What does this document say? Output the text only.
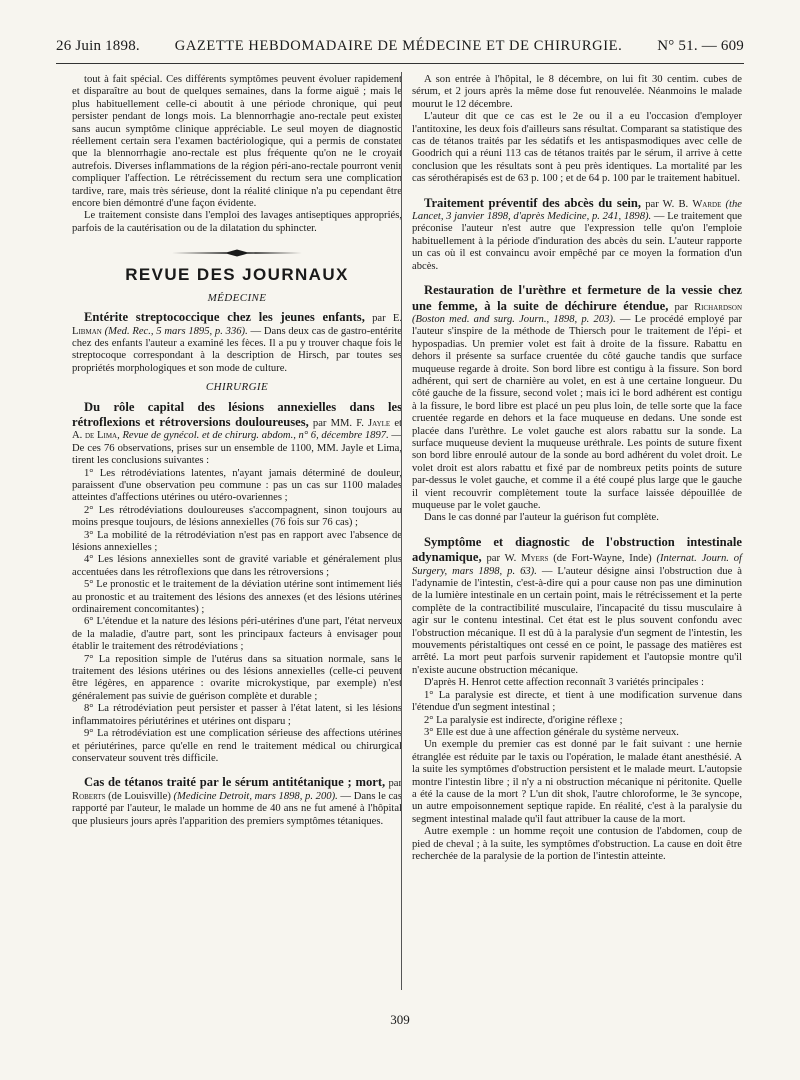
26 Juin 1898. GAZETTE HEBDOMADAIRE DE MÉDECINE ET DE CHIRURGIE. N° 51. — 609

tout à fait spécial. Ces différents symptômes peuvent évoluer rapidement et disparaître au bout de quelques semaines, dans la forme aiguë ; mais le plus habituellement celle-ci aboutit à une période chronique, qui peut persister pendant de longs mois. La blennorrhagie ano-rectale peut exister sans aucun symptôme clinique appréciable. Le seul moyen de diagnostic réellement certain sera l'examen bactériologique, qui a permis de constater que la blennorrhagie ano-rectale est plus fréquente qu'on ne le croyait autrefois. Diverses inflammations de la région péri-ano-rectale pourront venir compliquer l'affection. Le rétrécissement du rectum sera une complication tardive, rare, mais très sérieuse, dont la réalité clinique n'a pu cependant être encore bien démontré d'une façon évidente.

Le traitement consiste dans l'emploi des lavages antiseptiques appropriés, parfois de la cautérisation ou de la dilatation du sphincter.

REVUE DES JOURNAUX
MÉDECINE

Entérite streptococcique chez les jeunes enfants, par E. Libman (Med. Rec., 5 mars 1895, p. 336). — Dans deux cas de gastro-entérite chez des enfants l'auteur a examiné les fèces. Il a pu y trouver chaque fois le streptocoque correspondant à la description de Hirsch, par toutes ses propriétés morphologiques et son mode de culture.

CHIRURGIE

Du rôle capital des lésions annexielles dans les rétroflexions et rétroversions douloureuses, par MM. F. Jayle et A. de Lima, Revue de gynécol. et de chirurg. abdom., n° 6, décembre 1897. — De ces 76 observations, prises sur un ensemble de 1100, MM. Jayle et Lima, tirent les conclusions suivantes :

1° Les rétrodéviations latentes, n'ayant jamais déterminé de douleur, paraissent d'une observation peu commune : pas un cas sur 1100 malades atteintes d'affections utérines ou utéro-ovariennes ;

2° Les rétrodéviations douloureuses s'accompagnent, sinon toujours au moins presque toujours, de lésions annexielles (76 fois sur 76 cas) ;

3° La mobilité de la rétrodéviation n'est pas en rapport avec l'absence de lésions annexielles ;

4° Les lésions annexielles sont de gravité variable et généralement plus accentuées dans les rétroflexions que dans les rétroversions ;

5° Le pronostic et le traitement de la déviation utérine sont intimement liés au pronostic et au traitement des lésions des annexes (et des lésions utérines ordinairement concomitantes) ;

6° L'étendue et la nature des lésions péri-utérines d'une part, l'état nerveux de la maladie, d'autre part, sont les principaux facteurs à envisager pour établir le traitement des rétrodéviations ;

7° La reposition simple de l'utérus dans sa situation normale, sans le traitement des lésions utérines ou des lésions annexielles (celle-ci peuvent être légères, en apparence : ovarite microkystique, par exemple) n'est généralement pas suivie de guérison complète et durable ;

8° La rétrodéviation peut persister et passer à l'état latent, si les lésions inflammatoires périutérines et utérines ont disparu ;

9° La rétrodéviation est une complication sérieuse des affections utérines et périutérines, parce qu'elle en rend le traitement médical ou chirurgical conservateur souvent très difficile.

Cas de tétanos traité par le sérum antitétanique ; mort, par Roberts (de Louisville) (Medicine Detroit, mars 1898, p. 200). — Dans le cas rapporté par l'auteur, le malade un homme de 40 ans ne fut amené à l'hôpital que plusieurs jours après l'apparition des premiers symptômes tétaniques.

A son entrée à l'hôpital, le 8 décembre, on lui fit 30 centim. cubes de sérum, et 2 jours après la même dose fut renouvelée. Néanmoins le malade mourut le 12 décembre.

L'auteur dit que ce cas est le 2e ou il a eu l'occasion d'employer l'antitoxine, les deux fois d'ailleurs sans résultat. Comparant sa statistique des cas de tétanos traités par les sédatifs et les antispasmodiques avec celle de Goodrich qui a réuni 113 cas de tétanos traités par le sérum, il arrive à cette conclusion que les résultats sont à peu près identiques. La mortalité par les cas sérothérapisés est de 63 p. 100 ; et de 64 p. 100 par le traitement habituel.

Traitement préventif des abcès du sein, par W. B. Warde (the Lancet, 3 janvier 1898, d'après Medicine, p. 241, 1898). — Le traitement que préconise l'auteur n'est autre que l'expression telle qu'on l'emploie habituellement à la période d'induration des abcès du sein. L'auteur rapporte un cas où il est convaincu avoir empêché par ce moyen la formation d'un abcès.

Restauration de l'urèthre et fermeture de la vessie chez une femme, à la suite de déchirure étendue, par Richardson (Boston med. and surg. Journ., 1898, p. 203). — Le procédé employé par l'auteur s'inspire de la méthode de Thiersch pour le traitement de l'épi- et hypospadias. Un premier volet est fait à droite de la fissure. Rabattu en dehors il présente sa surface cruentée du côté gauche tandis que surface muqueuse regarde à droite. Son bord libre est contigu à la fissure. Son bord adhérent, qui sert de charnière au volet, en est à une certaine longueur. Du côté gauche de la fissure, second volet ; mais ici le bord adhérent est contigu à la fissure, le bord libre est placé un peu plus loin, de telle sorte que la face cruentée regarde en dehors et la face muqueuse en dedans. Une sonde est placée dans l'urèthre. Le volet gauche est alors rabattu sur la sonde. La surface muqueuse devient la muqueuse uréthrale. Les points de suture fixent son bord libre enroulé autour de la sonde au bord adhérent du volet droit. Le volet droit est alors rabattu et fixé par de nombreux petits points de suture par-dessus le volet gauche, et comme il a été coupé plus large que le gauche il vient recouvrir complètement toute la surface laissée dépouillée de muqueuse par le volet gauche.

Dans le cas donné par l'auteur la guérison fut complète.

Symptôme et diagnostic de l'obstruction intestinale adynamique, par W. Myers (de Fort-Wayne, Inde) (Internat. Journ. of Surgery, mars 1898, p. 63). — L'auteur désigne ainsi l'obstruction due à l'adynamie de l'intestin, c'est-à-dire qui a pour cause non pas une diminution de la lumière intestinale en un certain point, mais le rétrécissement et la perte complète de la contractibilité musculaire, l'incapacité du tissu musculaire à agir sur le contenu intestinal. Cet état est le plus souvent confondu avec l'obstruction mécanique. Il est dû à la paralysie d'un segment de l'intestin, les mouvements péristaltiques ont cessé en ce point, le passage des matières est arrêté. La mort peut parfois survenir rapidement et l'autopsie montre qu'il n'existe aucune obstruction mécanique.

D'après H. Henrot cette affection reconnaît 3 variétés principales :

1° La paralysie est directe, et tient à une modification survenue dans l'étendue d'un segment intestinal ;

2° La paralysie est indirecte, d'origine réflexe ;

3° Elle est due à une affection générale du système nerveux.

Un exemple du premier cas est donné par le fait suivant : une hernie étranglée est réduite par le taxis ou l'opération, le malade étant anesthésié. A la suite les symptômes d'obstruction persistent et le malade meurt. L'autopsie montre l'intestin libre ; il n'y a ni obstruction mécanique ni péritonite. Quelle a été la cause de la mort ? L'un dit shok, l'autre chloroforme, le 3e syncope, un autre empoisonnement septique rapide. En réalité, c'est à la paralysie du segment intestinal malade qu'il faut attribuer la cause de la mort.

Autre exemple : un homme reçoit une contusion de l'abdomen, coup de pied de cheval ; à la suite, les symptômes d'obstruction. La cause en doit être recherchée de la paralysie de la portion de l'intestin atteinte.

309
